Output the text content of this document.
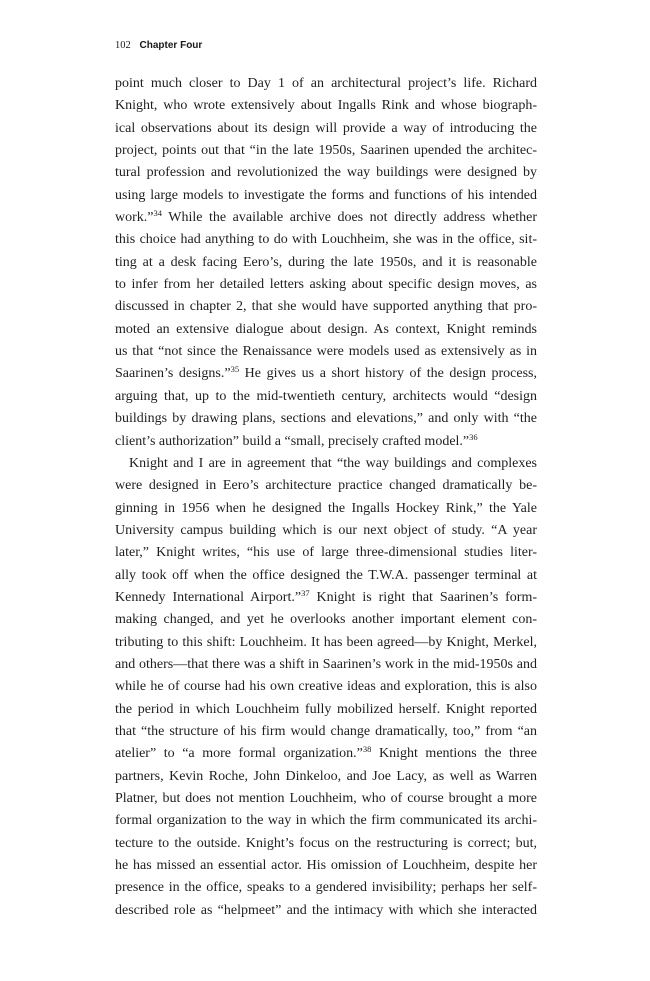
102 Chapter Four
point much closer to Day 1 of an architectural project’s life. Richard
Knight, who wrote extensively about Ingalls Rink and whose biograph-
ical observations about its design will provide a way of introducing the
project, points out that “in the late 1950s, Saarinen upended the architec-
tural profession and revolutionized the way buildings were designed by
using large models to investigate the forms and functions of his intended
work.”$^{34}$ While the available archive does not directly address whether
this choice had anything to do with Louchheim, she was in the office, sit-
ting at a desk facing Eero’s, during the late 1950s, and it is reasonable
to infer from her detailed letters asking about specific design moves, as
discussed in chapter 2, that she would have supported anything that pro-
moted an extensive dialogue about design. As context, Knight reminds
us that “not since the Renaissance were models used as extensively as in
Saarinen’s designs.”$^{35}$ He gives us a short history of the design process,
arguing that, up to the mid-twentieth century, architects would “design
buildings by drawing plans, sections and elevations,” and only with “the
client’s authorization” build a “small, precisely crafted model.”$^{36}$
Knight and I are in agreement that “the way buildings and complexes
were designed in Eero’s architecture practice changed dramatically be-
ginning in 1956 when he designed the Ingalls Hockey Rink,” the Yale
University campus building which is our next object of study. “A year
later,” Knight writes, “his use of large three-dimensional studies liter-
ally took off when the office designed the T.W.A. passenger terminal at
Kennedy International Airport.”$^{37}$ Knight is right that Saarinen’s form-
making changed, and yet he overlooks another important element con-
tributing to this shift: Louchheim. It has been agreed—by Knight, Merkel,
and others—that there was a shift in Saarinen’s work in the mid-1950s and
while he of course had his own creative ideas and exploration, this is also
the period in which Louchheim fully mobilized herself. Knight reported
that “the structure of his firm would change dramatically, too,” from “an
atelier” to “a more formal organization.”$^{38}$ Knight mentions the three
partners, Kevin Roche, John Dinkeloo, and Joe Lacy, as well as Warren
Platner, but does not mention Louchheim, who of course brought a more
formal organization to the way in which the firm communicated its archi-
tecture to the outside. Knight’s focus on the restructuring is correct; but,
he has missed an essential actor. His omission of Louchheim, despite her
presence in the office, speaks to a gendered invisibility; perhaps her self-
described role as “helpmeet” and the intimacy with which she interacted
